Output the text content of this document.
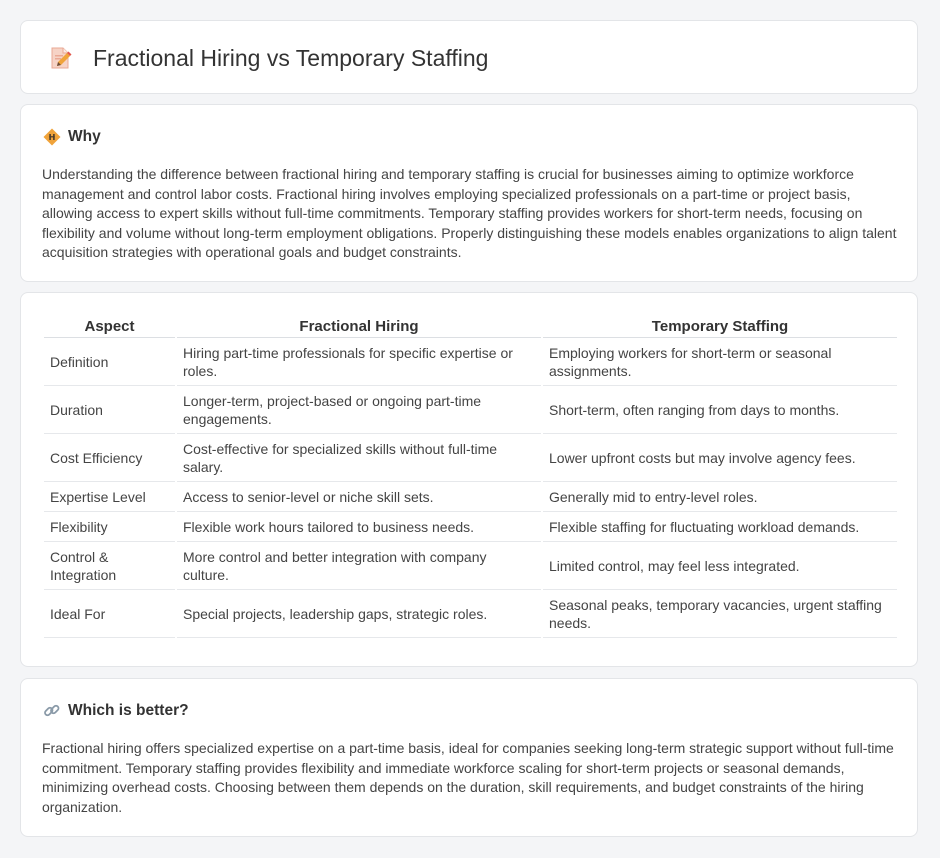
Fractional Hiring vs Temporary Staffing
Why

Understanding the difference between fractional hiring and temporary staffing is crucial for businesses aiming to optimize workforce management and control labor costs. Fractional hiring involves employing specialized professionals on a part-time or project basis, allowing access to expert skills without full-time commitments. Temporary staffing provides workers for short-term needs, focusing on flexibility and volume without long-term employment obligations. Properly distinguishing these models enables organizations to align talent acquisition strategies with operational goals and budget constraints.

Aspect	Fractional Hiring	Temporary Staffing
Definition	Hiring part-time professionals for specific expertise or roles.	Employing workers for short-term or seasonal assignments.
Duration	Longer-term, project-based or ongoing part-time engagements.	Short-term, often ranging from days to months.
Cost Efficiency	Cost-effective for specialized skills without full-time salary.	Lower upfront costs but may involve agency fees.
Expertise Level	Access to senior-level or niche skill sets.	Generally mid to entry-level roles.
Flexibility	Flexible work hours tailored to business needs.	Flexible staffing for fluctuating workload demands.
Control & Integration	More control and better integration with company culture.	Limited control, may feel less integrated.
Ideal For	Special projects, leadership gaps, strategic roles.	Seasonal peaks, temporary vacancies, urgent staffing needs.
Which is better?

Fractional hiring offers specialized expertise on a part-time basis, ideal for companies seeking long-term strategic support without full-time commitment. Temporary staffing provides flexibility and immediate workforce scaling for short-term projects or seasonal demands, minimizing overhead costs. Choosing between them depends on the duration, skill requirements, and budget constraints of the hiring organization.
